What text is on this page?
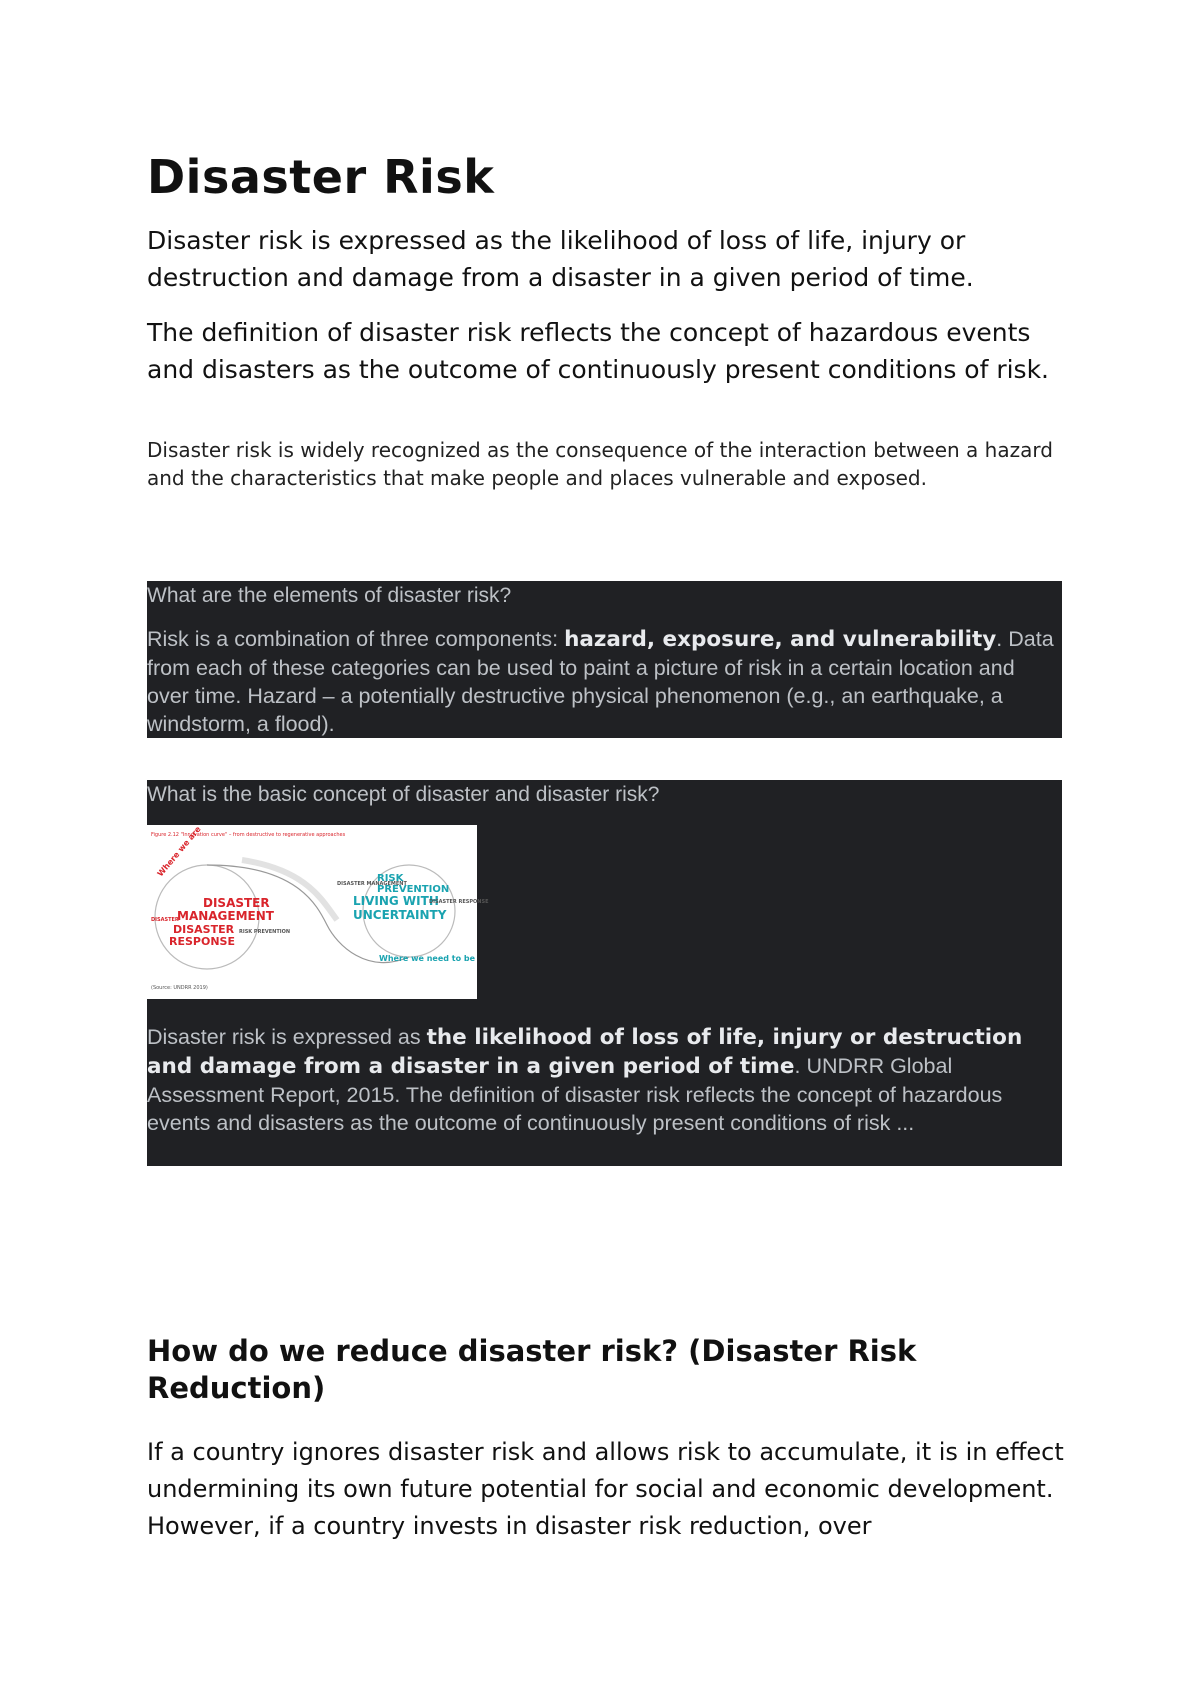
Disaster Risk

Disaster risk is expressed as the likelihood of loss of life, injury or destruction and damage from a disaster in a given period of time.

The definition of disaster risk reflects the concept of hazardous events and disasters as the outcome of continuously present conditions of risk.

Disaster risk is widely recognized as the consequence of the interaction between a hazard and the characteristics that make people and places vulnerable and exposed.

What are the elements of disaster risk?

Risk is a combination of three components: hazard, exposure, and vulnerability. Data from each of these categories can be used to paint a picture of risk in a certain location and over time. Hazard – a potentially destructive physical phenomenon (e.g., an earthquake, a windstorm, a flood).

What is the basic concept of disaster and disaster risk?

Figure 2.12 "Innovation curve" – from destructive to regenerative approaches
Where we are
DISASTER
MANAGEMENT
DISASTER
RESPONSE
DISASTER
RISK PREVENTION
RISK
PREVENTION
LIVING WITH
UNCERTAINTY
DISASTER MANAGEMENT
DISASTER RESPONSE
Where we need to be
(Source: UNDRR 2019)

Disaster risk is expressed as the likelihood of loss of life, injury or destruction and damage from a disaster in a given period of time. UNDRR Global Assessment Report, 2015. The definition of disaster risk reflects the concept of hazardous events and disasters as the outcome of continuously present conditions of risk ...

How do we reduce disaster risk? (Disaster Risk Reduction)

If a country ignores disaster risk and allows risk to accumulate, it is in effect undermining its own future potential for social and economic development. However, if a country invests in disaster risk reduction, over
